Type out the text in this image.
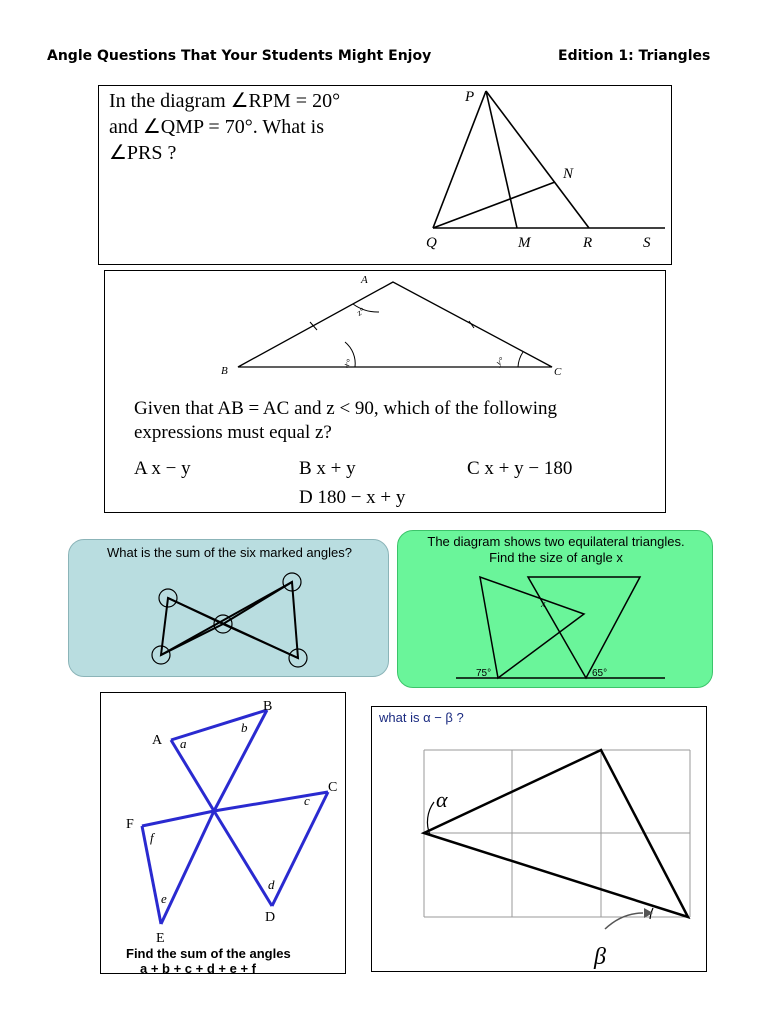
Angle Questions That Your Students Might Enjoy	Edition 1: Triangles
In the diagram ∠RPM = 20°
and ∠QMP = 70°. What is
∠PRS ?
P
N
Q	M	R	S
A
B	C
z°
x°	y°
Given that AB = AC and z < 90, which of the following
expressions must equal z?
A x − y	B x + y	C x + y − 180
D 180 − x + y
What is the sum of the six marked angles?
The diagram shows two equilateral triangles.
Find the size of angle x
75°	65°
x
A
B
C
D
E
F
a
b
c
d
e
f
Find the sum of the angles
a + b + c + d + e + f
what is α − β ?
α
β
